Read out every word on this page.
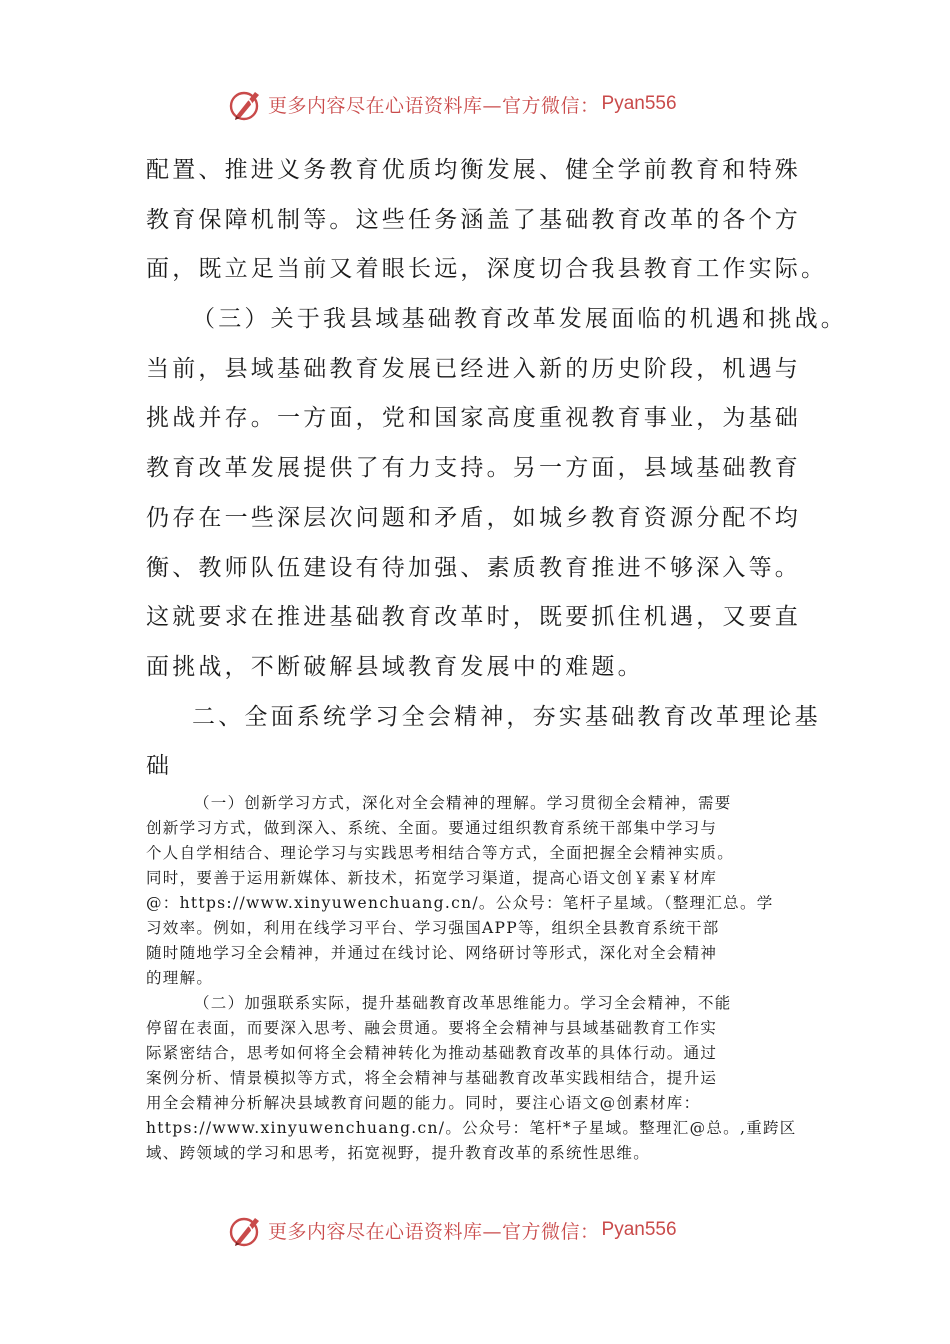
更多内容尽在心语资料库—官方微信： Pyan556
配置、推进义务教育优质均衡发展、健全学前教育和特殊
教育保障机制等。这些任务涵盖了基础教育改革的各个方
面，既立足当前又着眼长远，深度切合我县教育工作实际。
（三）关于我县域基础教育改革发展面临的机遇和挑战。
当前，县域基础教育发展已经进入新的历史阶段，机遇与
挑战并存。一方面，党和国家高度重视教育事业，为基础
教育改革发展提供了有力支持。另一方面，县域基础教育
仍存在一些深层次问题和矛盾，如城乡教育资源分配不均
衡、教师队伍建设有待加强、素质教育推进不够深入等。
这就要求在推进基础教育改革时，既要抓住机遇，又要直
面挑战，不断破解县域教育发展中的难题。
二、全面系统学习全会精神，夯实基础教育改革理论基
础
（一）创新学习方式，深化对全会精神的理解。学习贯彻全会精神，需要
创新学习方式，做到深入、系统、全面。要通过组织教育系统干部集中学习与
个人自学相结合、理论学习与实践思考相结合等方式，全面把握全会精神实质。
同时，要善于运用新媒体、新技术，拓宽学习渠道，提高心语文创￥素￥材库
@：https://www.xinyuwenchuang.cn/。公众号：笔杆子星域。（整理汇总。学
习效率。例如，利用在线学习平台、学习强国APP等，组织全县教育系统干部
随时随地学习全会精神，并通过在线讨论、网络研讨等形式，深化对全会精神
的理解。
（二）加强联系实际，提升基础教育改革思维能力。学习全会精神，不能
停留在表面，而要深入思考、融会贯通。要将全会精神与县域基础教育工作实
际紧密结合，思考如何将全会精神转化为推动基础教育改革的具体行动。通过
案例分析、情景模拟等方式，将全会精神与基础教育改革实践相结合，提升运
用全会精神分析解决县域教育问题的能力。同时，要注心语文@创素材库：
https://www.xinyuwenchuang.cn/。公众号：笔杆*子星域。整理汇@总。,重跨区
域、跨领域的学习和思考，拓宽视野，提升教育改革的系统性思维。
更多内容尽在心语资料库—官方微信： Pyan556
